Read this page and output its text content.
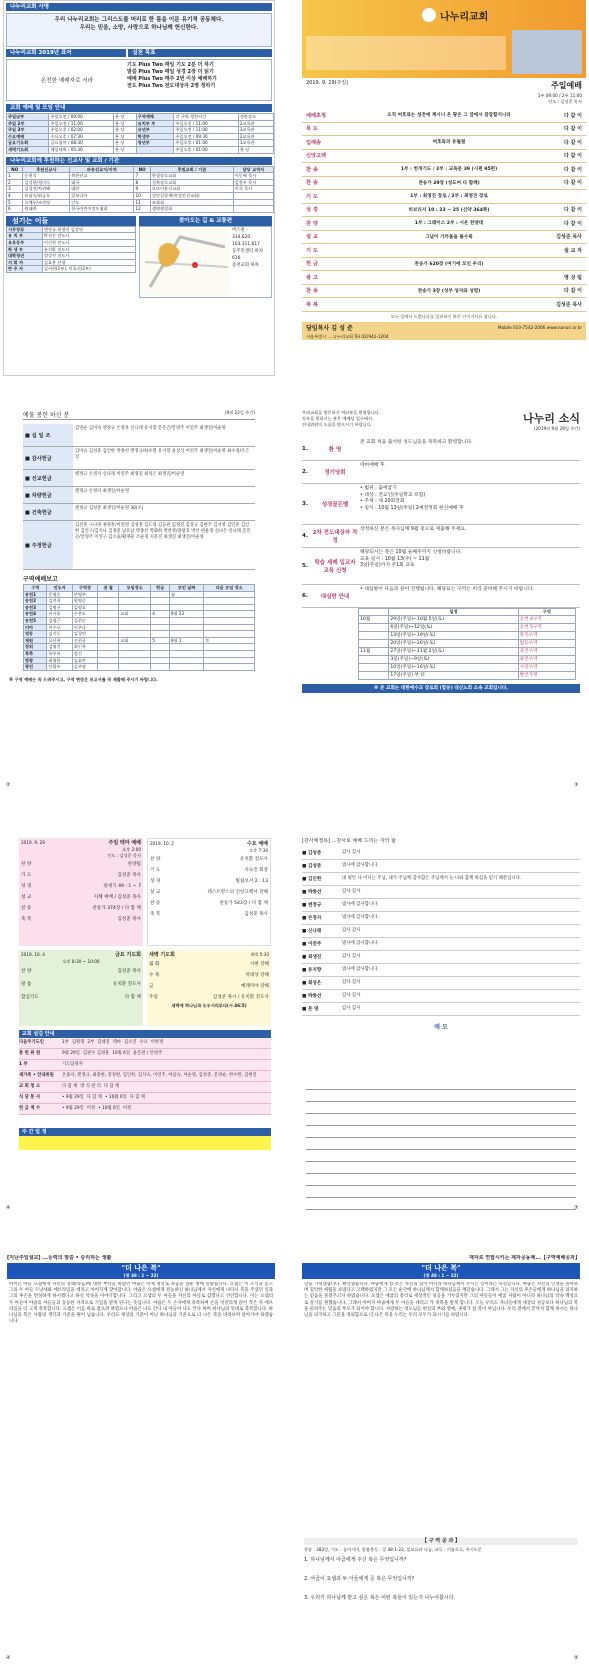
나누리교회 사명
우리 나누리교회는 그리스도를 머리로 한 몸을 이룬 유기적 공동체다.
우리는 믿음, 소망, 사랑으로 하나님께 헌신한다.
나누리교회 2019년 표어	실천 목표
온전한 예배자로 서라
기도 Plus Two 매일 기도 2분 더 하기
말씀 Plus Two 매일 성경 2장 더 읽기
예배 Plus Two 매주 2번 이상 예배하기
전도 Plus Two 전도대상자 2명 정하기
교회 예배 및 모임 안내
주일낮부	주일오전 / 09:00	본 당	구역예배	각 구역 정한시간	정한장소
주일 2부	주일오전 / 11:00	본 당	유치부 부	주일오전 / 11:00	2교육관
주일 3부	주일오후 / 02:00	본 당	유년부	주일오전 / 11:00	3교육관
수요예배	수요오후 / 07:30	본 당	학생부	주일오전 / 09:30	2교육관
금요기도회	금요철야 / 08:30	본 당	청년부	주일오후 / 01:00	1교육관
새벽기도회	매일새벽 / 05:30	본 당		주일오후 / 01:00	본 당
나누리교회에 후원하는 선교사 및 교회 / 기관
NO	후원선교사	파송선교지/지역	NO	후원교회 / 기관	담당 교역자
1	동현식	북한선교	7	한빛장로교회	이동배 목사
2	김석현/정미숙	태국	8	성북장로교회	김정우 목사
3	김성진/차귀혜	대만	9	모뜨이홍선교회	이석 목사
4	유남숙/최금호	캄보디아	10	성안실장재단(성안선교회)	
5	오예두/조정정	인도	11	조화회	
6	원대관	한국어린이전도협회	12	생명쟁결회	
섬기는 이들
시무장로	엔정규 최생진 김성연
유 치 부	박선순 전도사
유초등부	이신현 전도사
학 생 부	유지환 전도사
대학청년	정성진 전도사
지 휘 자	김효흥 선생
반 주 자	김서현(1부), 이효선(2부)
찾아오는 길 & 교통편
버스편 :
314,620
103,311,617
동주민센터 하차
616
송천교회 하차
나누리교회
2019. 9. 29(주일)	주일예배
1부 09:00 / 2부 11:00
인도 : 김성준 목사
예배초청	오직 여호와는 성전에 계시니 온 땅은 그 앞에서 잠잠할지니라	다 같 이
묵 도	다 같 이
입례송	여호와의 유월절	다 같 이
신앙고백	다 같 이
찬 송	1부 : 헌개기도 / 2부 : 교독문 39 (시편 95편)	다 같 이
찬 송	찬송가 29장 (성도여 다 함께)	다 같 이
기 도	1부 : 최영진 장로 / 2부 : 최영진 장로
성 경	히브리서 10 : 23 ~ 25 (신약 364쪽)	다 같 이
찬 양	1부 : 그레이스 2부 : 시온 찬양대	다 같 이
설 교	그날이 가까울을 볼수록	김성준 목사
기 도	설 교 자
헌 금	찬송가 620장 (여기에 모인 우리)
광 고	영 상 팀
찬 송	찬송가 3장 (성부 성자와 성령)	다 같 이
축 복	김성준 목사
모든 일에서 드렸나파를 일관하신 분은 인이거셔요 합니다.
담임목사 김 성 준	Mobile 010-7542-2006 www.nanuri.or.kr
서울특별시 ... 나누리교회 Tel 02)942-1204
예물 봉헌 하신 분	(9월 22일 주간)
■ 십 일 조
김영순 김미숙 엔정규 손정자 신나래 유지향 문문곤/안영주 이연주 최생진/이순영
■ 감사헌금
김미숙 김성준 김인한 박종선 엔정규/하수열 유지향 윤상식 이연주 최생진/이순영 최수경/조은진
■ 선교헌금
엔정규 손정자 신나래 이연주 최생진 최성은 최생진/이순영
■ 차량헌금
엔정규 손정자 최생진/이순영
■ 건축헌금
엔정규 김성준 최생진/이순영 30(조)
■ 주정헌금
김선준 구나영 권영흥/이연영 김성철 김도형 김동관 김정진 김상규 김현주 김지영 김인준 김인한 김언구/김지나 김정훈 남유남 박종선 박화하 박찬영/광광호 박선 변윤정 신나은 신나래 문문곤/안영주 이연구 김소윤/황재운 조순정 지유진 최생진 최생진/이순영
구역예배보고
구역	인도자	구역장	권 찰	모임장소	헌금	모인 날짜	다음 모임 장소
송천1	문영순	안병주				월	
송천2	김진희	원영순					
송천3	김명구	김명호					
송천4	이시윤	수찬도		교회	4	9월 22	
송천5	김영근	김현순					
미아	이수구	이주다					
영등	김신동	김경민					
재원	오산현	신현균		교회	5	9월 1	토
장위	김영건	최인옥					
북측	유무미	정신					
방광	최영한	김효란					
광진	안광우	김주영					
※ 구역 예배는 꼭 드려주시고, 구역 현장은 보고서를 꼭 제출해 주시기 바랍니다.
우리교회를 방문하신 여러분을 환영합니다.
등록을 원하시는 분은 예배당 입구에서
안내위원의 도움을 받으시기 바랍니다.	나누리 소식
(2019년 9월 29일 주간)
1.	환 영
본 교회 처음 출석한 성도님들을 축복하고 환영합니다.
2.	정기당회
테마예배 후
3.	성경골든벨
• 범위 : 출애굽기
• 대상 : 전교인(주일학교 포함)
• 주제 : 제 20회전회
• 일시 : 10월 13일(주일) 2예전정회 현신예배 후
4. 2차 전도대상자 작정
작정하신 분은 목사님께 9월 중으로 제출해 주세요.
5.	학습 세례 입교자 교육 신청
해당되시는 분은 10월 둘째주까지 신청바랍니다.
교육 일시 : 10월 13(주) ~ 11월
3일(주일)까지 주1회 교육
6.	대심방 안내
• 대심방이 다음과 같이 진행됩니다. 해당되는 구역은 미리 준비해 주시기 바랍니다.
	일정	구역
10월	29일(주일)~10월 5일(토)	송천 4구역
	6일(주일)~12일(토)	송천 5구역
	13일(주일)~19일(토)	북측구역
	20일(주일)~26일(토)	법동구역
11월	27일(주일)~11월 2일(토)	축진구역
	3일(주일)~9일(토)	광진구역
	10일(주일)~16일(토)	사랑구역
	17일(주일) 부 터	빨진가정
※ 본 교회는 대한예수교 장로회 (합동) 대신노회 소속 교회입니다.
2019. 9. 29	주일 테마 예배
오후 2:00
인도 : 김성준 목사
찬 양	찬양팀
기 도	김성준 목사
성 경	창세기 49 : 1 ~ 7
설 교	지혜 예배 / 김성준 목사
찬 송	찬송가 374장 / 다 함 께
축 복	김성준 목사
2019. 10. 2	수요 예배
오후 7:30
찬 양	유치환 전도사
기 도	지숙진 회장
성 경	빌립보서 2 : 13
설 교	테스트란스의 신앙고백서 강해
찬 송	찬송가 543장 / 다 함 께
축 복	김성준 목사
2019. 10. 4	금요 기도회
오후 8:30 ~ 10:00
찬 양	김성준 목사
말 씀	유치환 전도사
합심기도	다 함 께
새벽 기도회	새벽 5:30
월 화	시편 강해
수 목	역대상 강해
금	예레미야 강해
주일	김성준 목사 / 유치환 전도사
새벽에 하나님과 도우시리로다(시 46:5)
교회 섬김 안내
다음주기도인	1부 김원명 2부 김대진 테마 김소연 수요 이현정
봉 헌 위 원	9월 29일 김관수 김경훈 10월 6일 윤문관 / 안영주
1 부	기도담당자
새가족 • 안내위원	온종자, 엔정규, 최충현, 강정현, 김인한, 김석숙, 이연주, 여삼숙, 이순영, 김성준, 문영순, 한수완, 김현진
교 회 청 소	다 함 께 방 석 관 리 다 함 께
식 당 봉 사	• 9월 29일 다 함 께 • 10월 6일 다 함 께
헌 금 계 수	• 9월 29일 미정 • 10월 6일 미정
주 간 일 정
[감사예절목] ...감사로 예배 드리는 자의 삶
■ 김성준	감사 감사
■ 김성준	범사에 감사합니다.
■ 김인한	내 평안 다 어디는 주님, 내가 주님께 감사함은 주님께서 늘 나와 함께 하심을 믿기 때문입니다.
■ 박종선	감사 감사
■ 엔정규	범사에 감사합니다.
■ 손정자	범사에 감사합니다.
■ 신나래	감사 감사
■ 이연주	범사에 감사합니다.
■ 최생진	감사 감사
■ 유지향	범사에 감사합니다.
■ 최성은	감사 감사
■ 박종선	감사 감사
■ 문 영	감사 감사
메 모
[지난주일설교] ...능력의 말씀 • 승리하는 생활
"더 나은 복"
(창 48 : 1 ~ 22)
아끼는 아들 요셉에게 자신의 장례(죽음)에 대한 부탁을 하였던 야곱은 이제 정말로 죽음을 앞둔 병에 걸렸습니다. 요셉은 이 소식을 듣고 그의 두 아들 므낫세와 에브라임을 데리고 아버지께 찾아갑니다. 야곱은 요셉에게 전능하신 하나님께서 자신에게 나타나 복을 주셨던 일과 그의 후손을 번성하게 하시겠다고 하신 약속을 이야기합니다. 그리고 요셉의 두 아들을 자신의 아들로 삼겠다고 선언합니다. 이는 요셉의 두 아들이 야곱의 아들들과 동등한 자격으로 기업을 받게 된다는 뜻입니다. 야곱은 두 손자에게 축복하며 손을 엇갈리게 얹어 작은 자 에브라임을 더 크게 축복합니다. 요셉은 이를 바로 잡으려 하였으나 야곱은 나도 안다 내 아들아 나도 안다 하며 하나님의 뜻대로 축복합니다. 하나님의 복은 사람의 생각과 기준을 뛰어 넘습니다. 우리도 세상의 기준이 아닌 하나님의 기준으로 더 나은 복을 바라보며 살아가야 하겠습니다.
재자로 연합시키는 제자공동체...【구역예배공과】
"더 나은 복"
(창 48 : 1 ~ 22)
날을 기대했습니다. 확신했습니다. 야곱에게 참 복은 자신의 힘이 아니라 하나님께서 주시는 것이라는 사실입니다. 야곱은 자신의 인생을 돌아보며 험악한 세월을 보냈다고 고백하였지만 그 모든 순간에 하나님께서 함께하셨음을 깨닫습니다. 그래서 그는 자신의 후손들에게 하나님을 의지하는 믿음을 물려주고자 하였습니다. 요셉은 애굽의 총리로 세상적인 성공을 거두었지만 그의 아들들이 애굽 사람이 아니라 하나님의 약속 백성으로 살기를 원했습니다. 그래서 아버지 야곱에게 두 아들을 데리고 가 축복을 받게 합니다. 오늘 우리도 자녀들에게 세상의 성공보다 하나님의 복을 물려주는 믿음의 부모가 되어야 합니다. 사랑하는 성도님들 현실의 부와 명예, 권세가 참 복이 아닙니다. 우리 곁에서 끝까지 함께 하시는 하나님을 의지하고 그분을 경외함으로 더 나은 복을 누리는 우리 모두가 되시기를 바랍니다.
【 구 역 공 과 】
찬송 : 383장, 기도 : 돌아가며, 말씀봉독 : 창 48:1-22, 설교요약 나눔, 교독 : 이름으로, 주기도문
1. 하나님께서 야곱에게 주신 복은 무엇입니까?
2. 야곱이 요셉과 두 아들에게 준 복은 무엇입니까?
3. 우리가 하나님께 받고 싶은 복은 어떤 복들이 있는지 나누어봅시다.
②	③
④	⑦
④	⑤
